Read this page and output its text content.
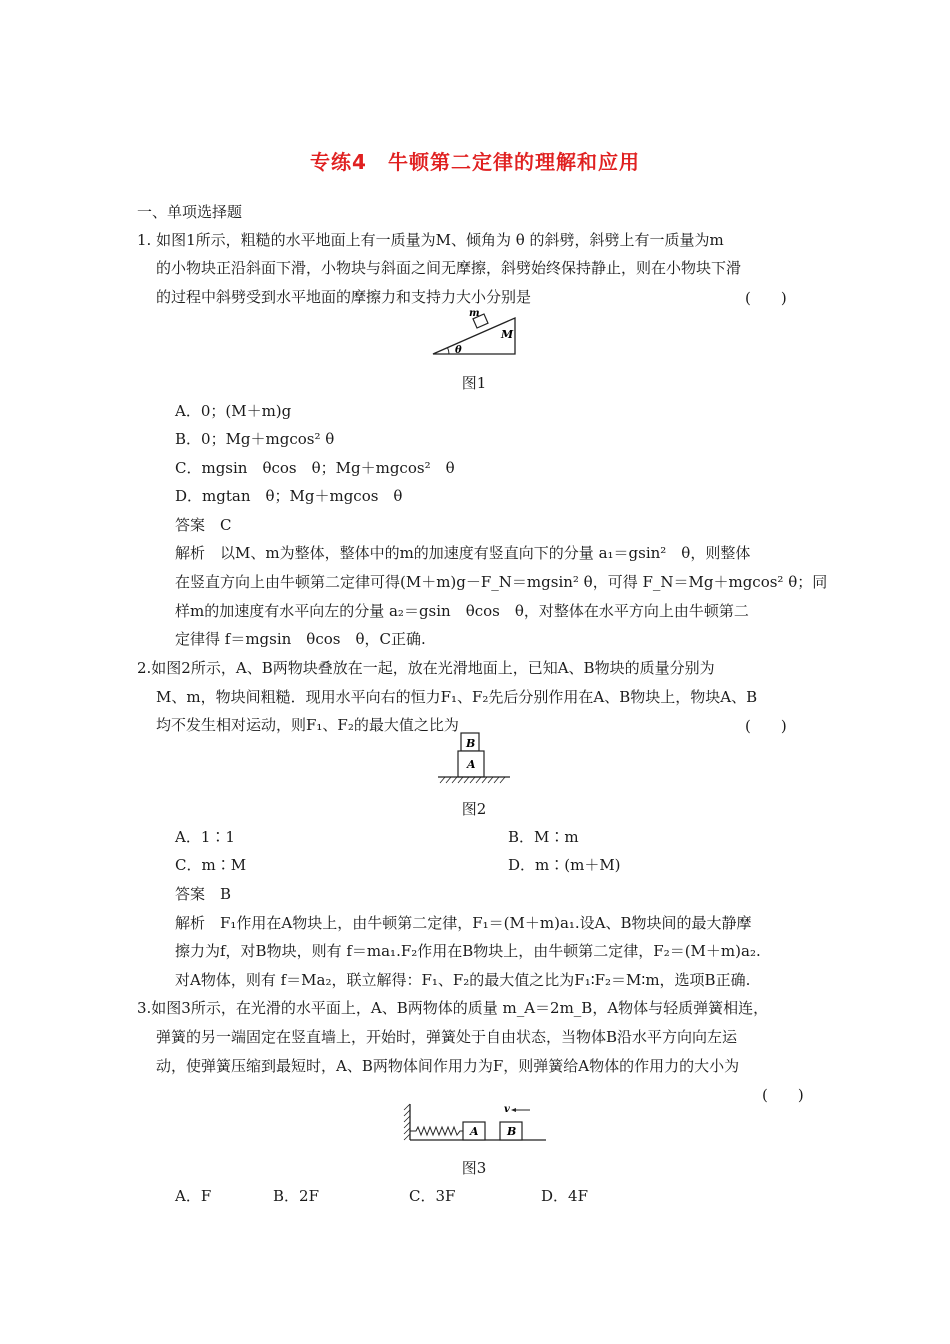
专练4　牛顿第二定律的理解和应用
一、单项选择题
1. 如图1所示，粗糙的水平地面上有一质量为M、倾角为 θ 的斜劈，斜劈上有一质量为m
的小物块正沿斜面下滑，小物块与斜面之间无摩擦，斜劈始终保持静止，则在小物块下滑
的过程中斜劈受到水平地面的摩擦力和支持力大小分别是	(　　)
m
M
θ
图1
A．0；(M＋m)g
B．0；Mg＋mgcos² θ
C．mgsin　θcos　θ；Mg＋mgcos²　θ
D．mgtan　θ；Mg＋mgcos　θ
答案　C
解析　以M、m为整体，整体中的m的加速度有竖直向下的分量 a₁＝gsin²　θ，则整体
在竖直方向上由牛顿第二定律可得(M＋m)g－F_N＝mgsin² θ，可得 F_N＝Mg＋mgcos² θ；同
样m的加速度有水平向左的分量 a₂＝gsin　θcos　θ，对整体在水平方向上由牛顿第二
定律得 f＝mgsin　θcos　θ，C正确.
2.如图2所示，A、B两物块叠放在一起，放在光滑地面上，已知A、B物块的质量分别为
M、m，物块间粗糙．现用水平向右的恒力F₁、F₂先后分别作用在A、B物块上，物块A、B
均不发生相对运动，则F₁、F₂的最大值之比为	(　　)
B
A
图2
A．1∶1	B．M∶m
C．m∶M	D．m∶(m＋M)
答案　B
解析　F₁作用在A物块上，由牛顿第二定律，F₁＝(M＋m)a₁.设A、B物块间的最大静摩
擦力为f，对B物块，则有 f＝ma₁.F₂作用在B物块上，由牛顿第二定律，F₂＝(M＋m)a₂.
对A物体，则有 f＝Ma₂，联立解得：F₁、F₂的最大值之比为F₁∶F₂＝M∶m，选项B正确.
3.如图3所示，在光滑的水平面上，A、B两物体的质量 m_A＝2m_B，A物体与轻质弹簧相连，
弹簧的另一端固定在竖直墙上，开始时，弹簧处于自由状态，当物体B沿水平方向向左运
动，使弹簧压缩到最短时，A、B两物体间作用力为F，则弹簧给A物体的作用力的大小为
(　　)
v
A	B
图3
A．F	B．2F	C．3F	D．4F
